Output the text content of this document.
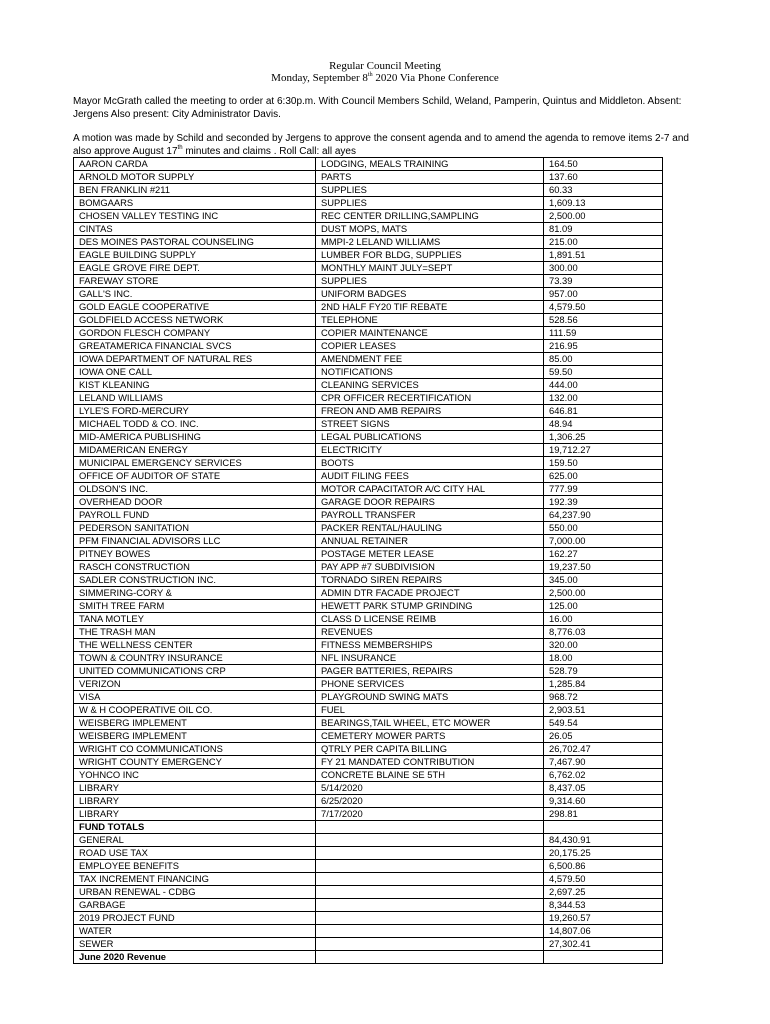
Regular Council Meeting
Monday, September 8th 2020 Via Phone Conference
Mayor McGrath called the meeting to order at 6:30p.m. With Council Members Schild, Weland, Pamperin, Quintus and Middleton. Absent: Jergens Also present: City Administrator Davis.
A motion was made by Schild and seconded by Jergens to approve the consent agenda and to amend the agenda to remove items 2-7 and also approve August 17th minutes and claims . Roll Call: all ayes
AARON CARDA	LODGING, MEALS TRAINING	164.50
ARNOLD MOTOR SUPPLY	PARTS	137.60
BEN FRANKLIN #211	SUPPLIES	60.33
BOMGAARS	SUPPLIES	1,609.13
CHOSEN VALLEY TESTING INC	REC CENTER DRILLING,SAMPLING	2,500.00
CINTAS	DUST MOPS, MATS	81.09
DES MOINES PASTORAL COUNSELING	MMPI-2 LELAND WILLIAMS	215.00
EAGLE BUILDING SUPPLY	LUMBER FOR BLDG, SUPPLIES	1,891.51
EAGLE GROVE FIRE DEPT.	MONTHLY MAINT JULY=SEPT	300.00
FAREWAY STORE	SUPPLIES	73.39
GALL'S INC.	UNIFORM BADGES	957.00
GOLD EAGLE COOPERATIVE	2ND HALF FY20 TIF REBATE	4,579.50
GOLDFIELD ACCESS NETWORK	TELEPHONE	528.56
GORDON FLESCH COMPANY	COPIER MAINTENANCE	111.59
GREATAMERICA FINANCIAL SVCS	COPIER LEASES	216.95
IOWA DEPARTMENT OF NATURAL RES	AMENDMENT FEE	85.00
IOWA ONE CALL	NOTIFICATIONS	59.50
KIST KLEANING	CLEANING SERVICES	444.00
LELAND WILLIAMS	CPR OFFICER RECERTIFICATION	132.00
LYLE'S FORD-MERCURY	FREON AND AMB REPAIRS	646.81
MICHAEL TODD & CO. INC.	STREET SIGNS	48.94
MID-AMERICA PUBLISHING	LEGAL PUBLICATIONS	1,306.25
MIDAMERICAN ENERGY	ELECTRICITY	19,712.27
MUNICIPAL EMERGENCY SERVICES	BOOTS	159.50
OFFICE OF AUDITOR OF STATE	AUDIT FILING FEES	625.00
OLDSON'S INC.	MOTOR CAPACITATOR A/C CITY HAL	777.99
OVERHEAD DOOR	GARAGE DOOR REPAIRS	192.39
PAYROLL FUND	PAYROLL TRANSFER	64,237.90
PEDERSON SANITATION	PACKER RENTAL/HAULING	550.00
PFM FINANCIAL ADVISORS LLC	ANNUAL RETAINER	7,000.00
PITNEY BOWES	POSTAGE METER LEASE	162.27
RASCH CONSTRUCTION	PAY APP #7 SUBDIVISION	19,237.50
SADLER CONSTRUCTION INC.	TORNADO SIREN REPAIRS	345.00
SIMMERING-CORY &	ADMIN DTR FACADE PROJECT	2,500.00
SMITH TREE FARM	HEWETT PARK STUMP GRINDING	125.00
TANA MOTLEY	CLASS D LICENSE REIMB	16.00
THE TRASH MAN	REVENUES	8,776.03
THE WELLNESS CENTER	FITNESS MEMBERSHIPS	320.00
TOWN & COUNTRY INSURANCE	NFL INSURANCE	18.00
UNITED COMMUNICATIONS CRP	PAGER BATTERIES, REPAIRS	528.79
VERIZON	PHONE SERVICES	1,285.84
VISA	PLAYGROUND SWING MATS	968.72
W & H COOPERATIVE OIL CO.	FUEL	2,903.51
WEISBERG IMPLEMENT	BEARINGS,TAIL WHEEL, ETC MOWER	549.54
WEISBERG IMPLEMENT	CEMETERY MOWER PARTS	26.05
WRIGHT CO COMMUNICATIONS	QTRLY PER CAPITA BILLING	26,702.47
WRIGHT COUNTY EMERGENCY	FY 21 MANDATED CONTRIBUTION	7,467.90
YOHNCO INC	CONCRETE BLAINE SE 5TH	6,762.02
LIBRARY	5/14/2020	8,437.05
LIBRARY	6/25/2020	9,314.60
LIBRARY	7/17/2020	298.81
FUND TOTALS		
GENERAL		84,430.91
ROAD USE TAX		20,175.25
EMPLOYEE BENEFITS		6,500.86
TAX INCREMENT FINANCING		4,579.50
URBAN RENEWAL - CDBG		2,697.25
GARBAGE		8,344.53
2019 PROJECT FUND		19,260.57
WATER		14,807.06
SEWER		27,302.41
June 2020 Revenue		
